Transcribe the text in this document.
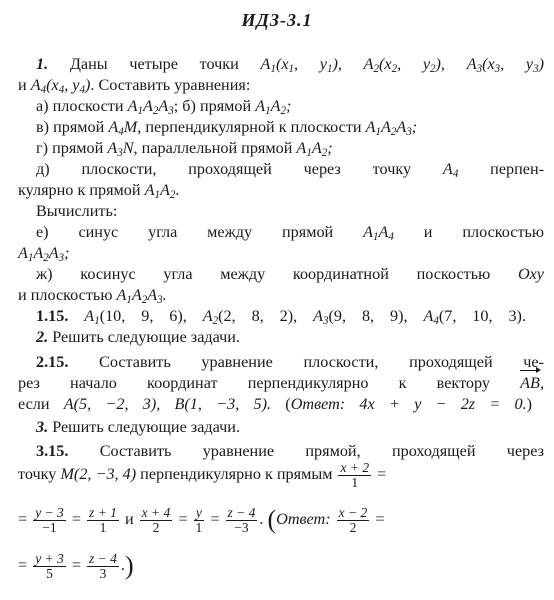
ИДЗ-3.1
1. Даны четыре точки $A_1(x_1$, $y_1$), $A_2(x_2$, $y_2$), $A_3(x_3$, $y_3$)
и $A_4(x_4$, $y_4$). Составить уравнения:
а) плоскости $A_1A_2A_3$; б) прямой $A_1A_2$;
в) прямой $A_4M$, перпендикулярной к плоскости $A_1A_2A_3$;
г) прямой $A_3N$, параллельной прямой $A_1A_2$;
д) плоскости, проходящей через точку $A_4$ перпен-
кулярно к прямой $A_1A_2$.
Вычислить:
е) синус угла между прямой $A_1A_4$ и плоскостью
$A_1A_2A_3$;
ж) косинус угла между координатной поскостью Oxy
и плоскостью $A_1A_2A_3$.
1.15. $A_1(10$, 9, 6), $A_2(2$, 8, 2), $A_3(9$, 8, 9), $A_4(7$, 10, 3).
2. Решить следующие задачи.
2.15. Составить уравнение плоскости, проходящей че-
рез начало координат перпендикулярно к вектору AB,
если A(5, −2, 3), B(1, −3, 5). (Ответ: 4x + y − 2z = 0.)
3. Решить следующие задачи.
3.15. Составить уравнение прямой, проходящей через
точку M(2, −3, 4) перпендикулярно к прямым $\frac{x + 2}{1}$ =
= $\frac{y - 3}{-1} = \frac{z + 1}{1}$ и $\frac{x + 4}{2} = \frac{y}{1} = \frac{z - 4}{-3}$ . (Ответ: $\frac{x - 2}{2}$ =
= $\frac{y + 3}{5} = \frac{z - 4}{3}$ .)
